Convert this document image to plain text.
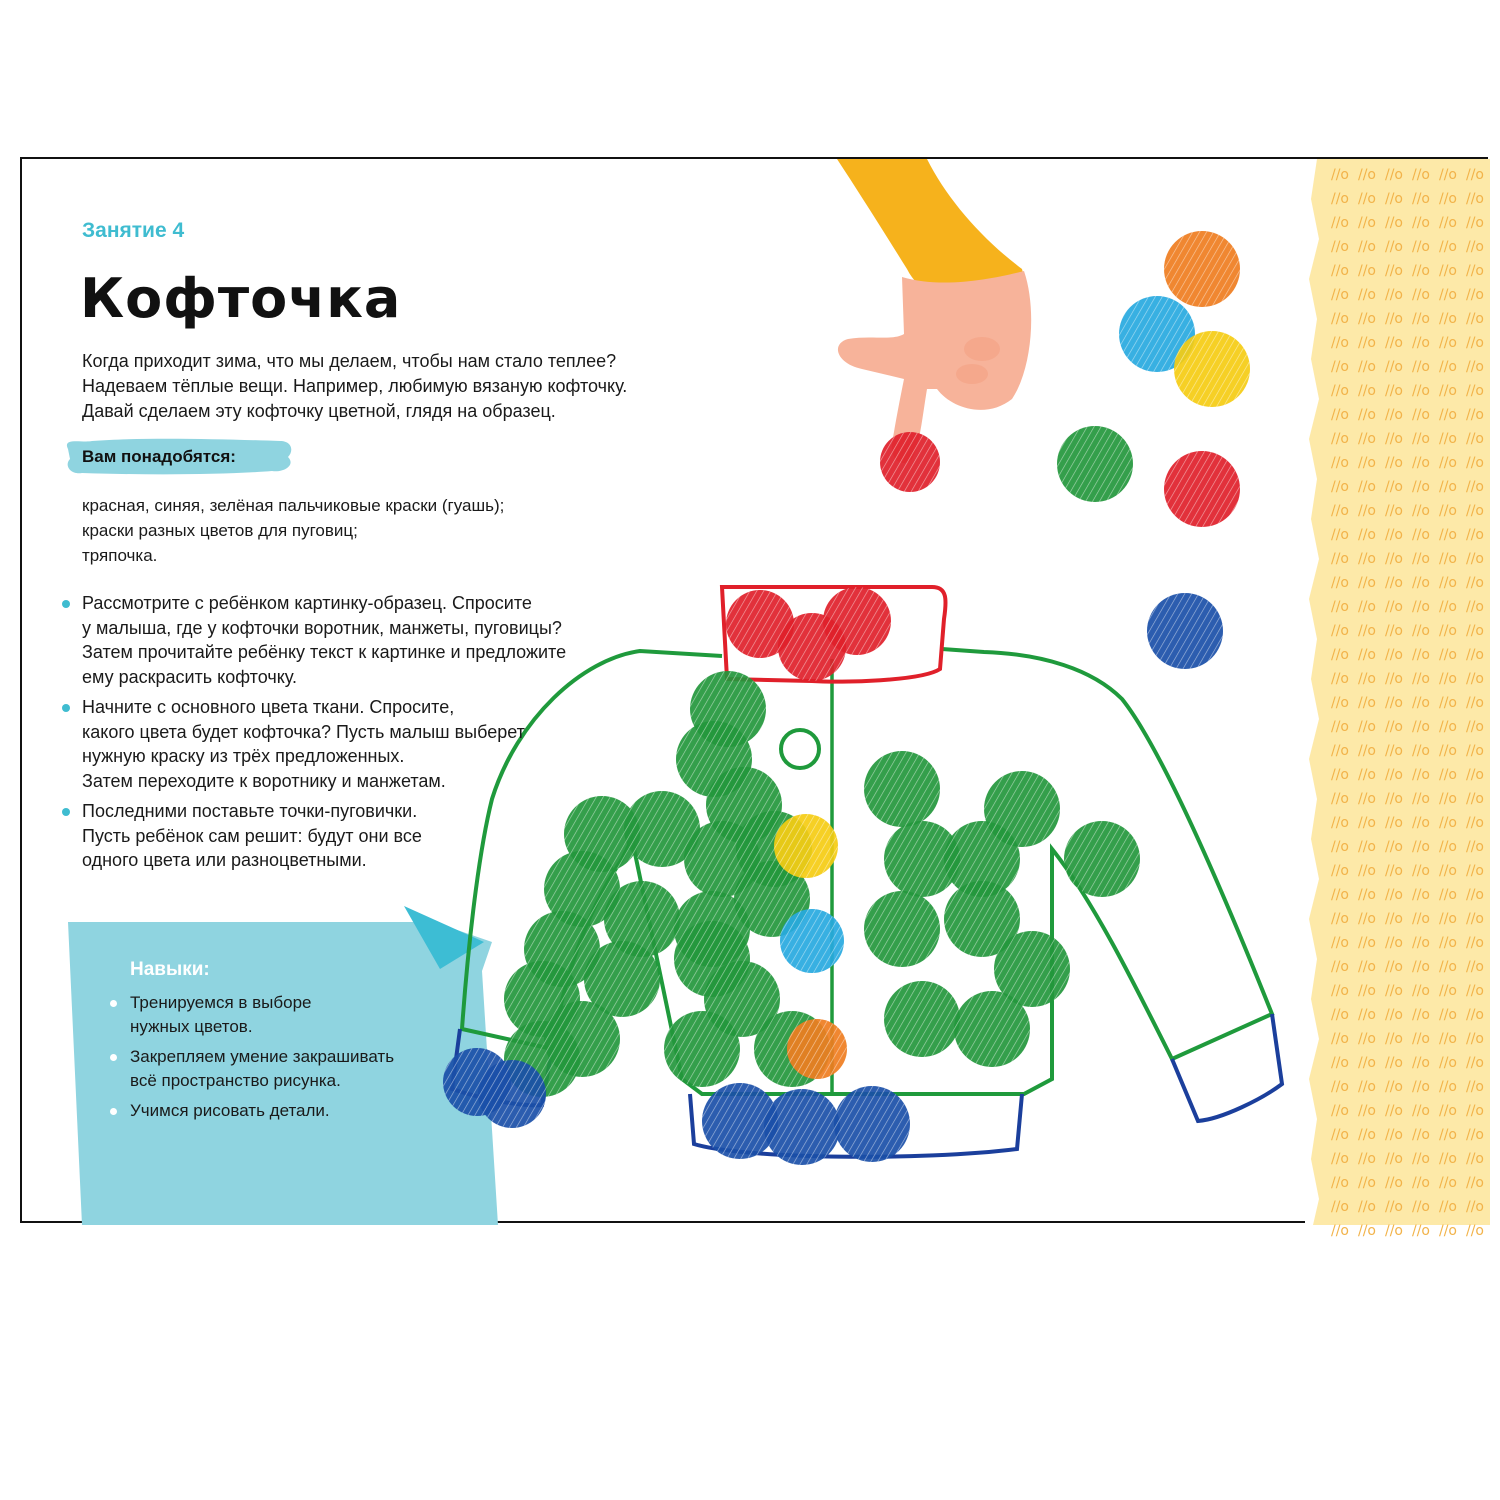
//o
//o
//o
//o
//o
//o
//o
//o
//o
//o
//o
//o
//o
//o
//o
//o
//o
//o
//o
//o
//o
//o
//o
//o
//o
//o
//o
//o
//o
//o
//o
//o
//o
//o
//o
//o
//o
//o
//o
//o
//o
//o
//o
//o
//o
//o
//o
//o
//o
//o
//o
//o
//o
//o
//o
//o
//o
//o
//o
//o
//o
//o
//o
//o
//o
//o
//o
//o
//o
//o
//o
//o
//o
//o
//o
//o
//o
//o
//o
//o
//o
//o
//o
//o
//o
//o
//o
//o
//o
//o
//o
//o
//o
//o
//o
//o
//o
//o
//o
//o
//o
//o
//o
//o
//o
//o
//o
//o
//o
//o
//o
//o
//o
//o
//o
//o
//o
//o
//o
//o
//o
//o
//o
//o
//o
//o
//o
//o
//o
//o
//o
//o
//o
//o
//o
//o
//o
//o
//o
//o
//o
//o
//o
//o
//o
//o
//o
//o
//o
//o
//o
//o
//o
//o
//o
//o
//o
//o
//o
//o
//o
//o
//o
//o
//o
//o
//o
//o
//o
//o
//o
//o
//o
//o
//o
//o
//o
//o
//o
//o
//o
//o
//o
//o
//o
//o
//o
//o
//o
//o
//o
//o
//o
//o
//o
//o
//o
//o
//o
//o
//o
//o
//o
//o
//o
//o
//o
//o
//o
//o
//o
//o
//o
//o
//o
//o
//o
//o
//o
//o
//o
//o
//o
//o
//o
//o
//o
//o
//o
//o
//o
//o
//o
//o
//o
//o
//o
//o
//o
//o
//o
//o
//o
//o
//o
//o
//o
//o
//o
//o
//o
//o
//o
//o
//o
//o
//o
//o
//o
//o
//o
//o
//o
//o
//o
//o
//o
//o
//o
//o
Занятие 4
Кофточка
Когда приходит зима, что мы делаем, чтобы нам стало теплее?
Надеваем тёплые вещи. Например, любимую вязаную кофточку.
Давай сделаем эту кофточку цветной, глядя на образец.
Вам понадобятся:
красная, синяя, зелёная пальчиковые краски (гуашь);
краски разных цветов для пуговиц;
тряпочка.
Рассмотрите с ребёнком картинку-образец. Спросите
у малыша, где у кофточки воротник, манжеты, пуговицы?
Затем прочитайте ребёнку текст к картинке и предложите
ему раскрасить кофточку.
Начните с основного цвета ткани. Спросите,
какого цвета будет кофточка? Пусть малыш выберет
нужную краску из трёх предложенных.
Затем переходите к воротнику и манжетам.
Последними поставьте точки-пуговички.
Пусть ребёнок сам решит: будут они все
одного цвета или разноцветными.
Навыки:
Тренируемся в выборе
нужных цветов.
Закрепляем умение закрашивать
всё пространство рисунка.
Учимся рисовать детали.
